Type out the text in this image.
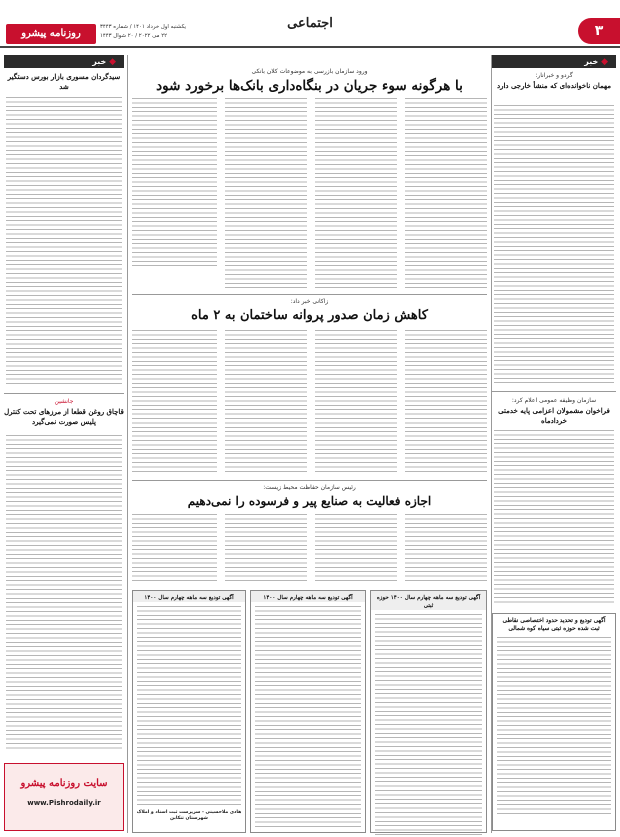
۳
اجتماعی
روزنامه پیشرو
یکشنبه اول خرداد ۱۴۰۱ / شماره ۳۴۴۳
۲۲ می ۲۰۲۲ / ۲۰ شوال ۱۴۴۳
◆ خبر
گردو و خبرانار:
مهمان ناخوانده‌ای که منشأ خارجی دارد
سازمان وظیفه عمومی اعلام کرد:
فراخوان مشمولان اعزامی پایه خدمتی خردادماه
آگهی تودیع و تحدید حدود اختصاصی نقاطی ثبت شده حوزه ثبتی سیاه کوه شمالی
◆ خبر
سیدگردان مسوری بازار بورس دستگیر شد
جانشین
قاچاق روغن قطعا از مرزهای تحت کنترل پلیس صورت نمی‌گیرد
سایت روزنامه پیشرو
www.Pishrodaily.ir
ورود سازمان بازرسی به موضوعات کلان بانکی
با هرگونه سوء جریان در بنگاه‌داری بانک‌ها برخورد شود
زاکانی خبر داد:
کاهش زمان صدور پروانه ساختمان به ۲ ماه
رئیس سازمان حفاظت محیط زیست:
اجازه فعالیت به صنایع پیر و فرسوده را نمی‌دهیم
آگهی تودیع سه ماهه چهارم سال ۱۴۰۰
هادی ملاحسینی - سرپرست ثبت اسناد و املاک شهرستان تنکابن
آگهی تودیع سه ماهه چهارم سال ۱۴۰۰	آگهی تودیع سه ماهه چهارم سال ۱۴۰۰ حوزه ثبتی
